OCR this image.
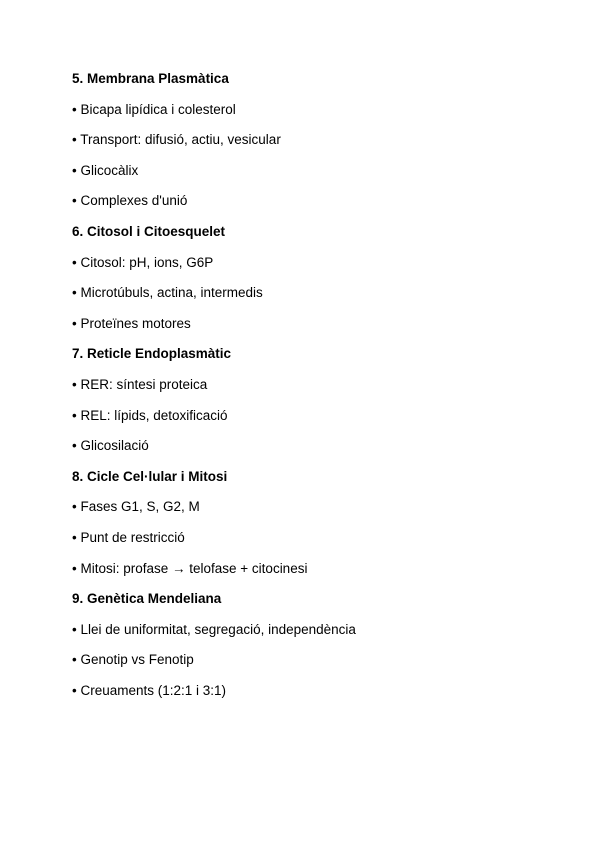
5. Membrana Plasmàtica
• Bicapa lipídica i colesterol
• Transport: difusió, actiu, vesicular
• Glicocàlix
• Complexes d'unió
6. Citosol i Citoesquelet
• Citosol: pH, ions, G6P
• Microtúbuls, actina, intermedis
• Proteïnes motores
7. Reticle Endoplasmàtic
• RER: síntesi proteica
• REL: lípids, detoxificació
• Glicosilació
8. Cicle Cel·lular i Mitosi
• Fases G1, S, G2, M
• Punt de restricció
• Mitosi: profase → telofase + citocinesi
9. Genètica Mendeliana
• Llei de uniformitat, segregació, independència
• Genotip vs Fenotip
• Creuaments (1:2:1 i 3:1)
